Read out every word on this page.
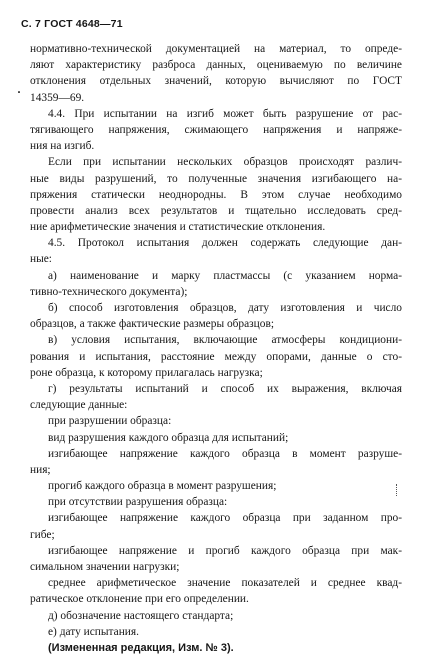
С. 7 ГОСТ 4648—71
·
нормативно-технической документацией на материал, то опреде-
ляют характеристику разброса данных, оцениваемую по величине
отклонения отдельных значений, которую вычисляют по ГОСТ
14359—69.
4.4. При испытании на изгиб может быть разрушение от рас-
тягивающего напряжения, сжимающего напряжения и напряже-
ния на изгиб.
Если при испытании нескольких образцов происходят различ-
ные виды разрушений, то полученные значения изгибающего на-
пряжения статически неоднородны. В этом случае необходимо
провести анализ всех результатов и тщательно исследовать сред-
ние арифметические значения и статистические отклонения.
4.5. Протокол испытания должен содержать следующие дан-
ные:
а) наименование и марку пластмассы (с указанием норма-
тивно-технического документа);
б) способ изготовления образцов, дату изготовления и число
образцов, а также фактические размеры образцов;
в) условия испытания, включающие атмосферы кондициони-
рования и испытания, расстояние между опорами, данные о сто-
роне образца, к которому прилагалась нагрузка;
г) результаты испытаний и способ их выражения, включая
следующие данные:
при разрушении образца:
вид разрушения каждого образца для испытаний;
изгибающее напряжение каждого образца в момент разруше-
ния;
прогиб каждого образца в момент разрушения;
при отсутствии разрушения образца:
изгибающее напряжение каждого образца при заданном про-
гибе;
изгибающее напряжение и прогиб каждого образца при мак-
симальном значении нагрузки;
среднее арифметическое значение показателей и среднее квад-
ратическое отклонение при его определении.
д) обозначение настоящего стандарта;
е) дату испытания.
(Измененная редакция, Изм. № 3).
